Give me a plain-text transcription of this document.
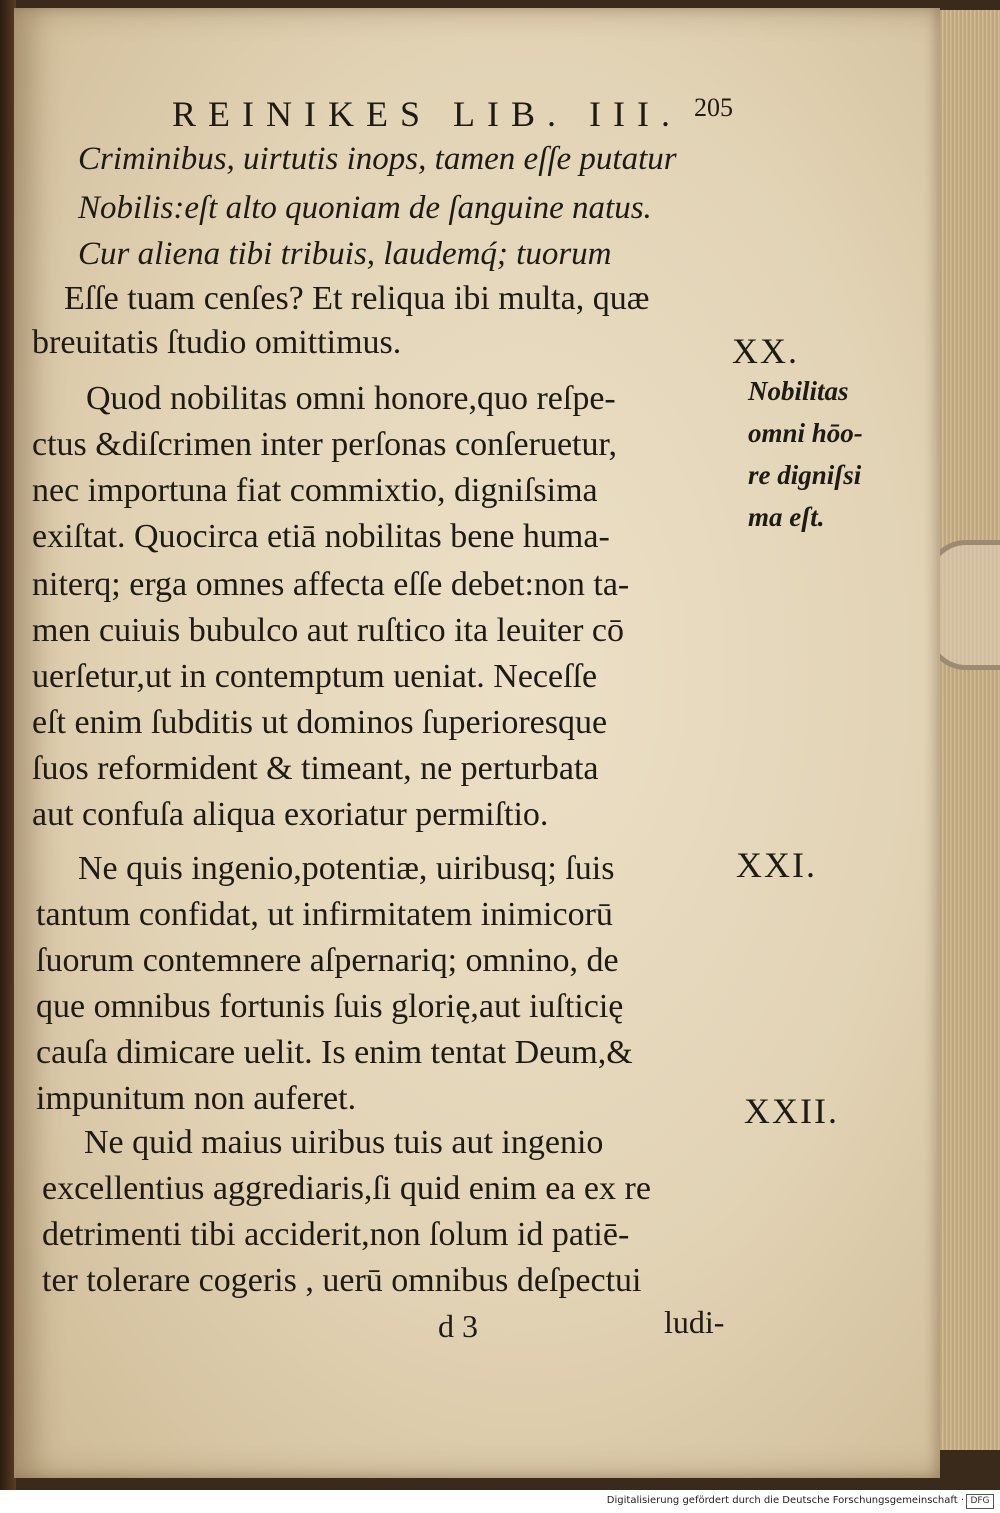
REINIKES LIB. III. 205
Criminibus, uirtutis inops, tamen eſſe putatur
Nobilis:eſt alto quoniam de ſanguine natus.
Cur aliena tibi tribuis, laudemq́; tuorum
Eſſe tuam cenſes? Et reliqua ibi multa, quæ
breuitatis ſtudio omittimus.
Quod nobilitas omni honore,quo reſpe-
ctus &diſcrimen inter perſonas conſeruetur,
nec importuna fiat commixtio, digniſsima
exiſtat. Quocirca etiā nobilitas bene huma-
niterq; erga omnes affecta eſſe debet:non ta-
men cuiuis bubulco aut ruſtico ita leuiter cō
uerſetur,ut in contemptum ueniat. Neceſſe
eſt enim ſubditis ut dominos ſuperioresque
ſuos reformident & timeant, ne perturbata
aut confuſa aliqua exoriatur permiſtio.
Ne quis ingenio,potentiæ, uiribusq; ſuis
tantum confidat, ut infirmitatem inimicorū
ſuorum contemnere aſpernariq; omnino, de
que omnibus fortunis ſuis glorię,aut iuſticię
cauſa dimicare uelit. Is enim tentat Deum,&
impunitum non auferet.
Ne quid maius uiribus tuis aut ingenio
excellentius aggrediaris,ſi quid enim ea ex re
detrimenti tibi acciderit,non ſolum id patiē-
ter tolerare cogeris , uerū omnibus deſpectui
XX.
Nobilitas
omni hōo-
re digniſsi
ma eſt.
XXI.
XXII.
d 3	ludi-
Digitalisierung gefördert durch die Deutsche Forschungsgemeinschaft · DFG
